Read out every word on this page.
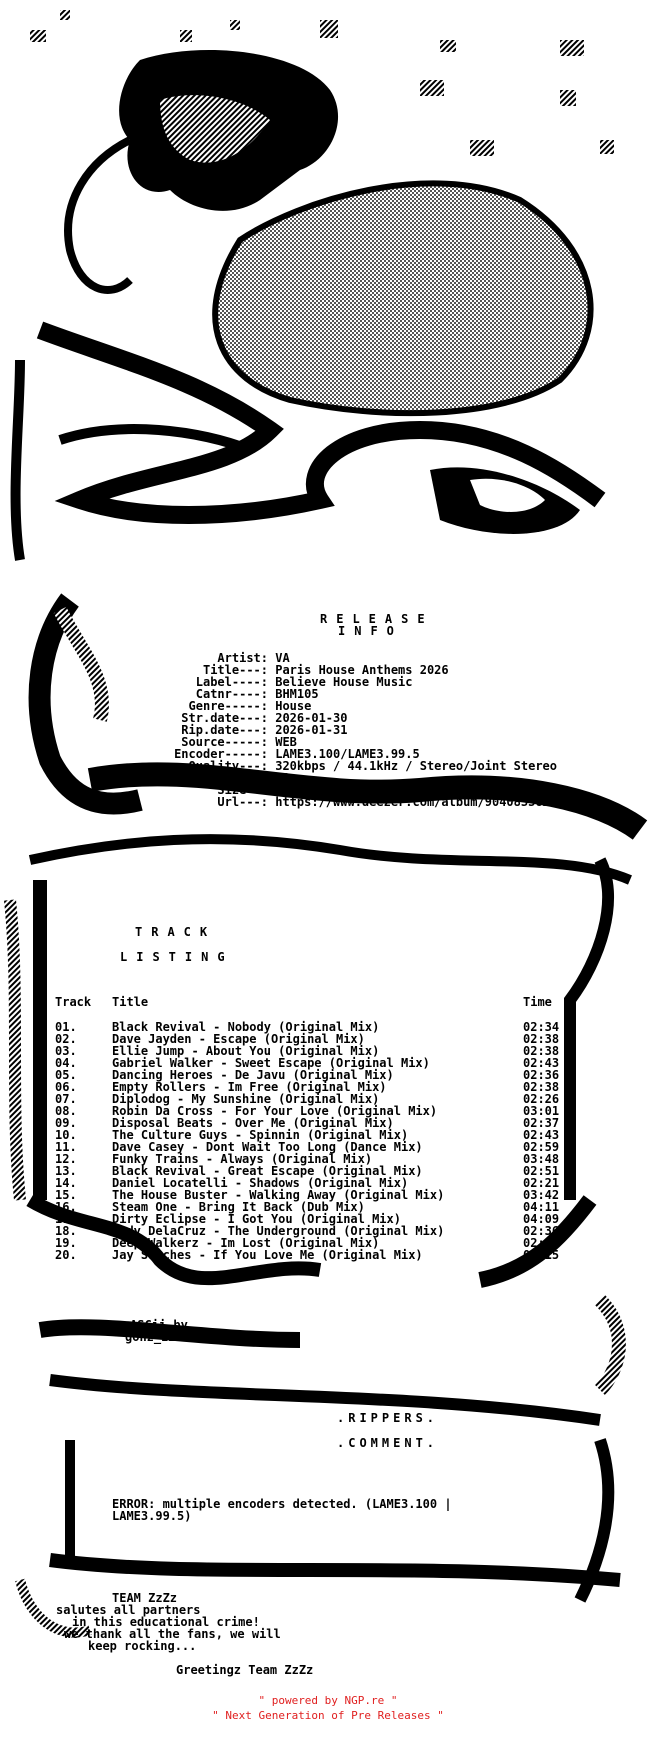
RELEASE
INFO
Artist: VA
Title---: Paris House Anthems 2026
Label----: Believe House Music
Catnr----: BHM105
Genre-----: House
Str.date---: 2026-01-30
Rip.date---: 2026-01-31
Source-----: WEB
Encoder-----: LAME3.100/LAME3.99.5
Quality---: 320kbps / 44.1kHz / Stereo/Joint Stereo
Tracks--: 20
Size--: 135.7MB
Url---: https://www.deezer.com/album/904083362
TRACK
LISTING
Track Title	Time
01.	Black Revival - Nobody (Original Mix)	02:34
02.	Dave Jayden - Escape (Original Mix)	02:38
03.	Ellie Jump - About You (Original Mix)	02:38
04.	Gabriel Walker - Sweet Escape (Original Mix)	02:43
05.	Dancing Heroes - De Javu (Original Mix)	02:36
06.	Empty Rollers - Im Free (Original Mix)	02:38
07.	Diplodog - My Sunshine (Original Mix)	02:26
08.	Robin Da Cross - For Your Love (Original Mix)	03:01
09.	Disposal Beats - Over Me (Original Mix)	02:37
10.	The Culture Guys - Spinnin (Original Mix)	02:43
11.	Dave Casey - Dont Wait Too Long (Dance Mix)	02:59
12.	Funky Trains - Always (Original Mix)	03:48
13.	Black Revival - Great Escape (Original Mix)	02:51
14.	Daniel Locatelli - Shadows (Original Mix)	02:21
15.	The House Buster - Walking Away (Original Mix)	03:42
16.	Steam One - Bring It Back (Dub Mix)	04:11
17.	Dirty Eclipse - I Got You (Original Mix)	04:09
18.	Andy DelaCruz - The Underground (Original Mix)	02:36
19.	Deep Walkerz - Im Lost (Original Mix)	02:40
20.	Jay Sanches - If You Love Me (Original Mix)	03:15
ASCii by
gonz_zZzZ
.RIPPERS.
.COMMENT.
ERROR: multiple encoders detected. (LAME3.100 |
LAME3.99.5)
TEAM ZzZz
salutes all partners
in this educational crime!
we thank all the fans, we will
keep rocking...
Greetingz Team ZzZz
" powered by NGP.re "
" Next Generation of Pre Releases "
